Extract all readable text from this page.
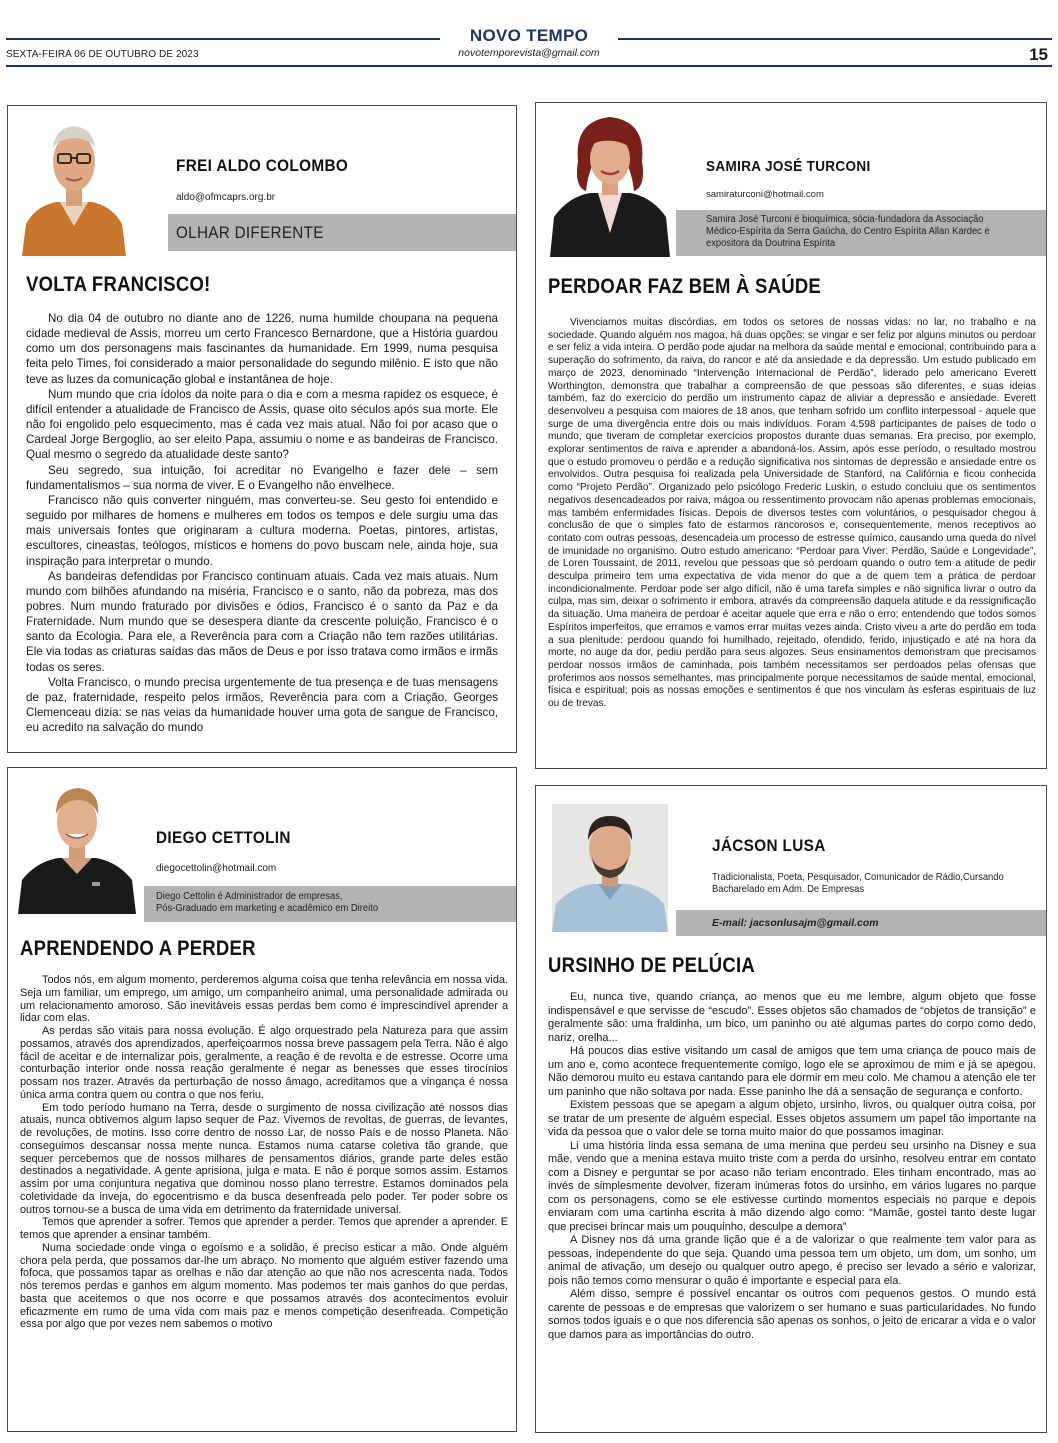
NOVO TEMPO
novotemporevista@gmail.com
SEXTA-FEIRA 06 DE OUTUBRO DE 2023	15
FREI ALDO COLOMBO
aldo@ofmcaprs.org.br
OLHAR DIFERENTE
VOLTA FRANCISCO!

No dia 04 de outubro no diante ano de 1226, numa humilde choupana na pequena cidade medieval de Assis, morreu um certo Francesco Bernardone, que a História guardou como um dos personagens mais fascinantes da humanidade. Em 1999, numa pesquisa feita pelo Times, foi considerado a maior personalidade do segundo milênio. E isto que não teve as luzes da comunicação global e instantânea de hoje.

Num mundo que cria ídolos da noite para o dia e com a mesma rapidez os esquece, é difícil entender a atualidade de Francisco de Assis, quase oito séculos após sua morte. Ele não foi engolido pelo esquecimento, mas é cada vez mais atual. Não foi por acaso que o Cardeal Jorge Bergoglio, ao ser eleito Papa, assumiu o nome e as bandeiras de Francisco. Qual mesmo o segredo da atualidade deste santo?

Seu segredo, sua intuição, foi acreditar no Evangelho e fazer dele – sem fundamentalismos – sua norma de viver. E o Evangelho não envelhece.

Francisco não quis converter ninguém, mas converteu-se. Seu gesto foi entendido e seguido por milhares de homens e mulheres em todos os tempos e dele surgiu uma das mais universais fontes que originaram a cultura moderna. Poetas, pintores, artistas, escultores, cineastas, teólogos, místicos e homens do povo buscam nele, ainda hoje, sua inspiração para interpretar o mundo.

As bandeiras defendidas por Francisco continuam atuais. Cada vez mais atuais. Num mundo com bilhões afundando na miséria, Francisco e o santo, não da pobreza, mas dos pobres. Num mundo fraturado por divisões e ódios, Francisco é o santo da Paz e da Fraternidade. Num mundo que se desespera diante da crescente poluição, Francisco é o santo da Ecologia. Para ele, a Reverência para com a Criação não tem razões utilitárias. Ele via todas as criaturas saídas das mãos de Deus e por isso tratava como irmãos e irmãs todas os seres.

Volta Francisco, o mundo precisa urgentemente de tua presença e de tuas mensagens de paz, fraternidade, respeito pelos irmãos, Reverência para com a Criação. Georges Clemenceau dizia: se nas veias da humanidade houver uma gota de sangue de Francisco, eu acredito na salvação do mundo

SAMIRA JOSÉ TURCONI
samiraturconi@hotmail.com
Samira José Turconi é bioquímica, sócia-fundadora da Associação Médico-Espírita da Serra Gaúcha, do Centro Espírita Allan Kardec e expositora da Doutrina Espírita
PERDOAR FAZ BEM À SAÚDE

Vivenciamos muitas discórdias, em todos os setores de nossas vidas: no lar, no trabalho e na sociedade. Quando alguém nos magoa, há duas opções: se vingar e ser feliz por alguns minutos ou perdoar e ser feliz a vida inteira. O perdão pode ajudar na melhora da saúde mental e emocional, contribuindo para a superação do sofrimento, da raiva, do rancor e até da ansiedade e da depressão. Um estudo publicado em março de 2023, denominado “Intervenção Internacional de Perdão”, liderado pelo americano Everett Worthington, demonstra que trabalhar a compreensão de que pessoas são diferentes, e suas ideias também, faz do exercício do perdão um instrumento capaz de aliviar a depressão e ansiedade. Everett desenvolveu a pesquisa com maiores de 18 anos, que tenham sofrido um conflito interpessoal - aquele que surge de uma divergência entre dois ou mais indivíduos. Foram 4.598 participantes de países de todo o mundo, que tiveram de completar exercícios propostos durante duas semanas. Era preciso, por exemplo, explorar sentimentos de raiva e aprender a abandoná-los. Assim, após esse período, o resultado mostrou que o estudo promoveu o perdão e a redução significativa nos sintomas de depressão e ansiedade entre os envolvidos. Outra pesquisa foi realizada pela Universidade de Stanford, na Califórnia e ficou conhecida como “Projeto Perdão”. Organizado pelo psicólogo Frederic Luskin, o estudo concluiu que os sentimentos negativos desencadeados por raiva, mágoa ou ressentimento provocam não apenas problemas emocionais, mas também enfermidades físicas. Depois de diversos testes com voluntários, o pesquisador chegou à conclusão de que o simples fato de estarmos rancorosos e, consequentemente, menos receptivos ao contato com outras pessoas, desencadeia um processo de estresse químico, causando uma queda do nível de imunidade no organismo. Outro estudo americano: “Perdoar para Viver: Perdão, Saúde e Longevidade”, de Loren Toussaint, de 2011, revelou que pessoas que só perdoam quando o outro tem a atitude de pedir desculpa primeiro tem uma expectativa de vida menor do que a de quem tem a prática de perdoar incondicionalmente. Perdoar pode ser algo difícil, não é uma tarefa simples e não significa livrar o outro da culpa, mas sim, deixar o sofrimento ir embora, através da compreensão daquela atitude e da ressignificação da situação. Uma maneira de perdoar é aceitar aquele que erra e não o erro; entendendo que todos somos Espíritos imperfeitos, que erramos e vamos errar muitas vezes ainda. Cristo viveu a arte do perdão em toda a sua plenitude: perdoou quando foi humilhado, rejeitado, ofendido, ferido, injustiçado e até na hora da morte, no auge da dor, pediu perdão para seus algozes. Seus ensinamentos demonstram que precisamos perdoar nossos irmãos de caminhada, pois também necessitamos ser perdoados pelas ofensas que proferimos aos nossos semelhantes, mas principalmente porque necessitamos de saúde mental, emocional, física e espiritual; pois as nossas emoções e sentimentos é que nos vinculam às esferas espirituais de luz ou de trevas.

DIEGO CETTOLIN
diegocettolin@hotmail.com
Diego Cettolin é Administrador de empresas,
Pós-Graduado em marketing e acadêmico em Direito
APRENDENDO A PERDER

Todos nós, em algum momento, perderemos alguma coisa que tenha relevância em nossa vida. Seja um familiar, um emprego, um amigo, um companheiro animal, uma personalidade admirada ou um relacionamento amoroso. São inevitáveis essas perdas bem como é imprescindível aprender a lidar com elas.

As perdas são vitais para nossa evolução. É algo orquestrado pela Natureza para que assim possamos, através dos aprendizados, aperfeiçoarmos nossa breve passagem pela Terra. Não é algo fácil de aceitar e de internalizar pois, geralmente, a reação é de revolta e de estresse. Ocorre uma conturbação interior onde nossa reação geralmente é negar as benesses que esses tirocínios possam nos trazer. Através da perturbação de nosso âmago, acreditamos que a vingança é nossa única arma contra quem ou contra o que nos feriu.

Em todo período humano na Terra, desde o surgimento de nossa civilização até nossos dias atuais, nunca obtivemos algum lapso sequer de Paz. Vivemos de revoltas, de guerras, de levantes, de revoluções, de motins. Isso corre dentro de nosso Lar, de nosso País e de nosso Planeta. Não conseguimos descansar nossa mente nunca. Estamos numa catarse coletiva tão grande, que sequer percebemos que de nossos milhares de pensamentos diários, grande parte deles estão destinados a negatividade. A gente aprisiona, julga e mata. E não é porque somos assim. Estamos assim por uma conjuntura negativa que dominou nosso plano terrestre. Estamos dominados pela coletividade da inveja, do egocentrismo e da busca desenfreada pelo poder. Ter poder sobre os outros tornou-se a busca de uma vida em detrimento da fraternidade universal.

Temos que aprender a sofrer. Temos que aprender a perder. Temos que aprender a aprender. E temos que aprender a ensinar também.

Numa sociedade onde vinga o egoísmo e a solidão, é preciso esticar a mão. Onde alguém chora pela perda, que possamos dar-lhe um abraço. No momento que alguém estiver fazendo uma fofoca, que possamos tapar as orelhas e não dar atenção ao que não nos acrescenta nada. Todos nós teremos perdas e ganhos em algum momento. Mas podemos ter mais ganhos do que perdas, basta que aceitemos o que nos ocorre e que possamos através dos acontecimentos evoluir eficazmente em rumo de uma vida com mais paz e menos competição desenfreada. Competição essa por algo que por vezes nem sabemos o motivo

JÁCSON LUSA
Tradicionalista, Poeta, Pesquisador, Comunicador de Rádio,Cursando
Bacharelado em Adm. De Empresas
E-mail: jacsonlusajm@gmail.com
URSINHO DE PELÚCIA

Eu, nunca tive, quando criança, ao menos que eu me lembre, algum objeto que fosse indispensável e que servisse de “escudo”. Esses objetos são chamados de “objetos de transição” e geralmente são: uma fraldinha, um bico, um paninho ou até algumas partes do corpo como dedo, nariz, orelha...

Há poucos dias estive visitando um casal de amigos que tem uma criança de pouco mais de um ano e, como acontece frequentemente comigo, logo ele se aproximou de mim e já se apegou. Não demorou muito eu estava cantando para ele dormir em meu colo. Me chamou a atenção ele ter um paninho que não soltava por nada. Esse paninho lhe dá a sensação de segurança e conforto.

Existem pessoas que se apegam a algum objeto, ursinho, livros, ou qualquer outra coisa, por se tratar de um presente de alguém especial. Esses objetos assumem um papel tão importante na vida da pessoa que o valor dele se torna muito maior do que possamos imaginar.

Li uma história linda essa semana de uma menina que perdeu seu ursinho na Disney e sua mãe, vendo que a menina estava muito triste com a perda do ursinho, resolveu entrar em contato com a Disney e perguntar se por acaso não teriam encontrado. Eles tinham encontrado, mas ao invés de simplesmente devolver, fizeram inúmeras fotos do ursinho, em vários lugares no parque com os personagens, como se ele estivesse curtindo momentos especiais no parque e depois enviaram com uma cartinha escrita à mão dizendo algo como: “Mamãe, gostei tanto deste lugar que precisei brincar mais um pouquinho, desculpe a demora”

A Disney nos dá uma grande lição que é a de valorizar o que realmente tem valor para as pessoas, independente do que seja. Quando uma pessoa tem um objeto, um dom, um sonho, um animal de ativação, um desejo ou qualquer outro apego, é preciso ser levado a sério e valorizar, pois não temos como mensurar o quão é importante e especial para ela.

Além disso, sempre é possível encantar os outros com pequenos gestos. O mundo está carente de pessoas e de empresas que valorizem o ser humano e suas particularidades. No fundo somos todos iguais e o que nos diferencia são apenas os sonhos, o jeito de encarar a vida e o valor que damos para as importâncias do outro.
